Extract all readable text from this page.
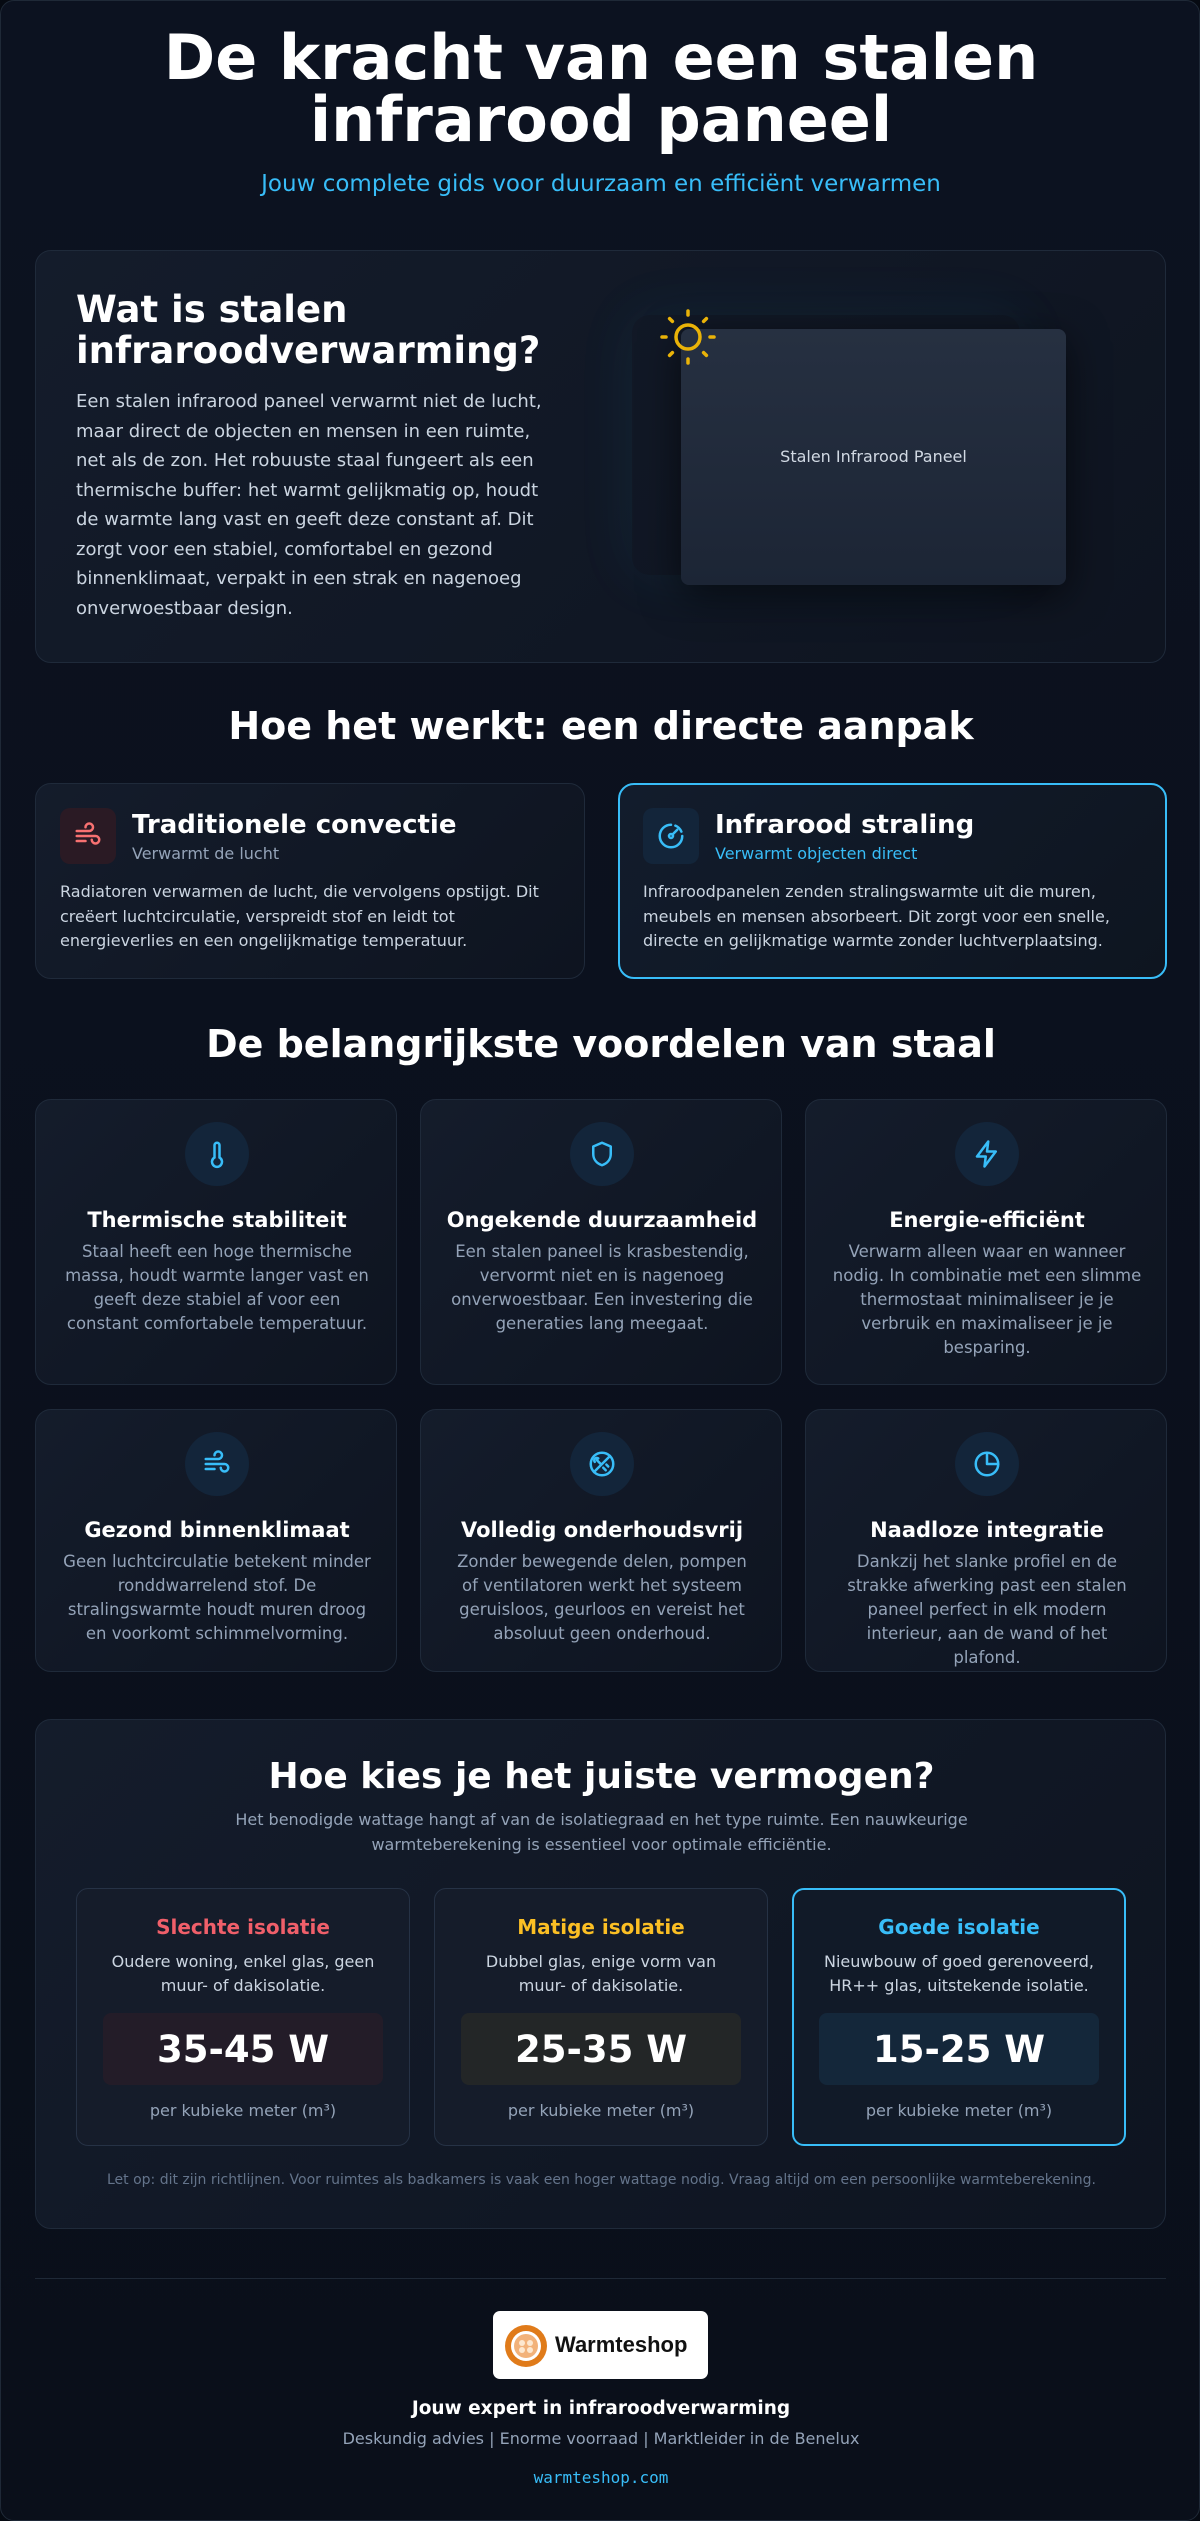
De kracht van een stalen
infrarood paneel
Jouw complete gids voor duurzaam en efficiënt verwarmen
Wat is stalen infraroodverwarming?
Een stalen infrarood paneel verwarmt niet de lucht, maar direct de objecten en mensen in een ruimte, net als de zon. Het robuuste staal fungeert als een thermische buffer: het warmt gelijkmatig op, houdt de warmte lang vast en geeft deze constant af. Dit zorgt voor een stabiel, comfortabel en gezond binnenklimaat, verpakt in een strak en nagenoeg onverwoestbaar design.
Stalen Infrarood Paneel
Hoe het werkt: een directe aanpak
Traditionele convectie
Verwarmt de lucht
Radiatoren verwarmen de lucht, die vervolgens opstijgt. Dit creëert luchtcirculatie, verspreidt stof en leidt tot energieverlies en een ongelijkmatige temperatuur.
Infrarood straling
Verwarmt objecten direct
Infraroodpanelen zenden stralingswarmte uit die muren, meubels en mensen absorbeert. Dit zorgt voor een snelle, directe en gelijkmatige warmte zonder luchtverplaatsing.
De belangrijkste voordelen van staal
Thermische stabiliteit
Staal heeft een hoge thermische massa, houdt warmte langer vast en geeft deze stabiel af voor een constant comfortabele temperatuur.
Ongekende duurzaamheid
Een stalen paneel is krasbestendig, vervormt niet en is nagenoeg onverwoestbaar. Een investering die generaties lang meegaat.
Energie-efficiënt
Verwarm alleen waar en wanneer nodig. In combinatie met een slimme thermostaat minimaliseer je je verbruik en maximaliseer je je besparing.
Gezond binnenklimaat
Geen luchtcirculatie betekent minder ronddwarrelend stof. De stralingswarmte houdt muren droog en voorkomt schimmelvorming.
Volledig onderhoudsvrij
Zonder bewegende delen, pompen of ventilatoren werkt het systeem geruisloos, geurloos en vereist het absoluut geen onderhoud.
Naadloze integratie
Dankzij het slanke profiel en de strakke afwerking past een stalen paneel perfect in elk modern interieur, aan de wand of het plafond.
Hoe kies je het juiste vermogen?
Het benodigde wattage hangt af van de isolatiegraad en het type ruimte. Een nauwkeurige warmteberekening is essentieel voor optimale efficiëntie.
Slechte isolatie
Oudere woning, enkel glas, geen muur- of dakisolatie.
35-45 W
per kubieke meter (m³)
Matige isolatie
Dubbel glas, enige vorm van muur- of dakisolatie.
25-35 W
per kubieke meter (m³)
Goede isolatie
Nieuwbouw of goed gerenoveerd, HR++ glas, uitstekende isolatie.
15-25 W
per kubieke meter (m³)
Let op: dit zijn richtlijnen. Voor ruimtes als badkamers is vaak een hoger wattage nodig. Vraag altijd om een persoonlijke warmteberekening.
Warmteshop
Jouw expert in infraroodverwarming
Deskundig advies | Enorme voorraad | Marktleider in de Benelux
warmteshop.com
